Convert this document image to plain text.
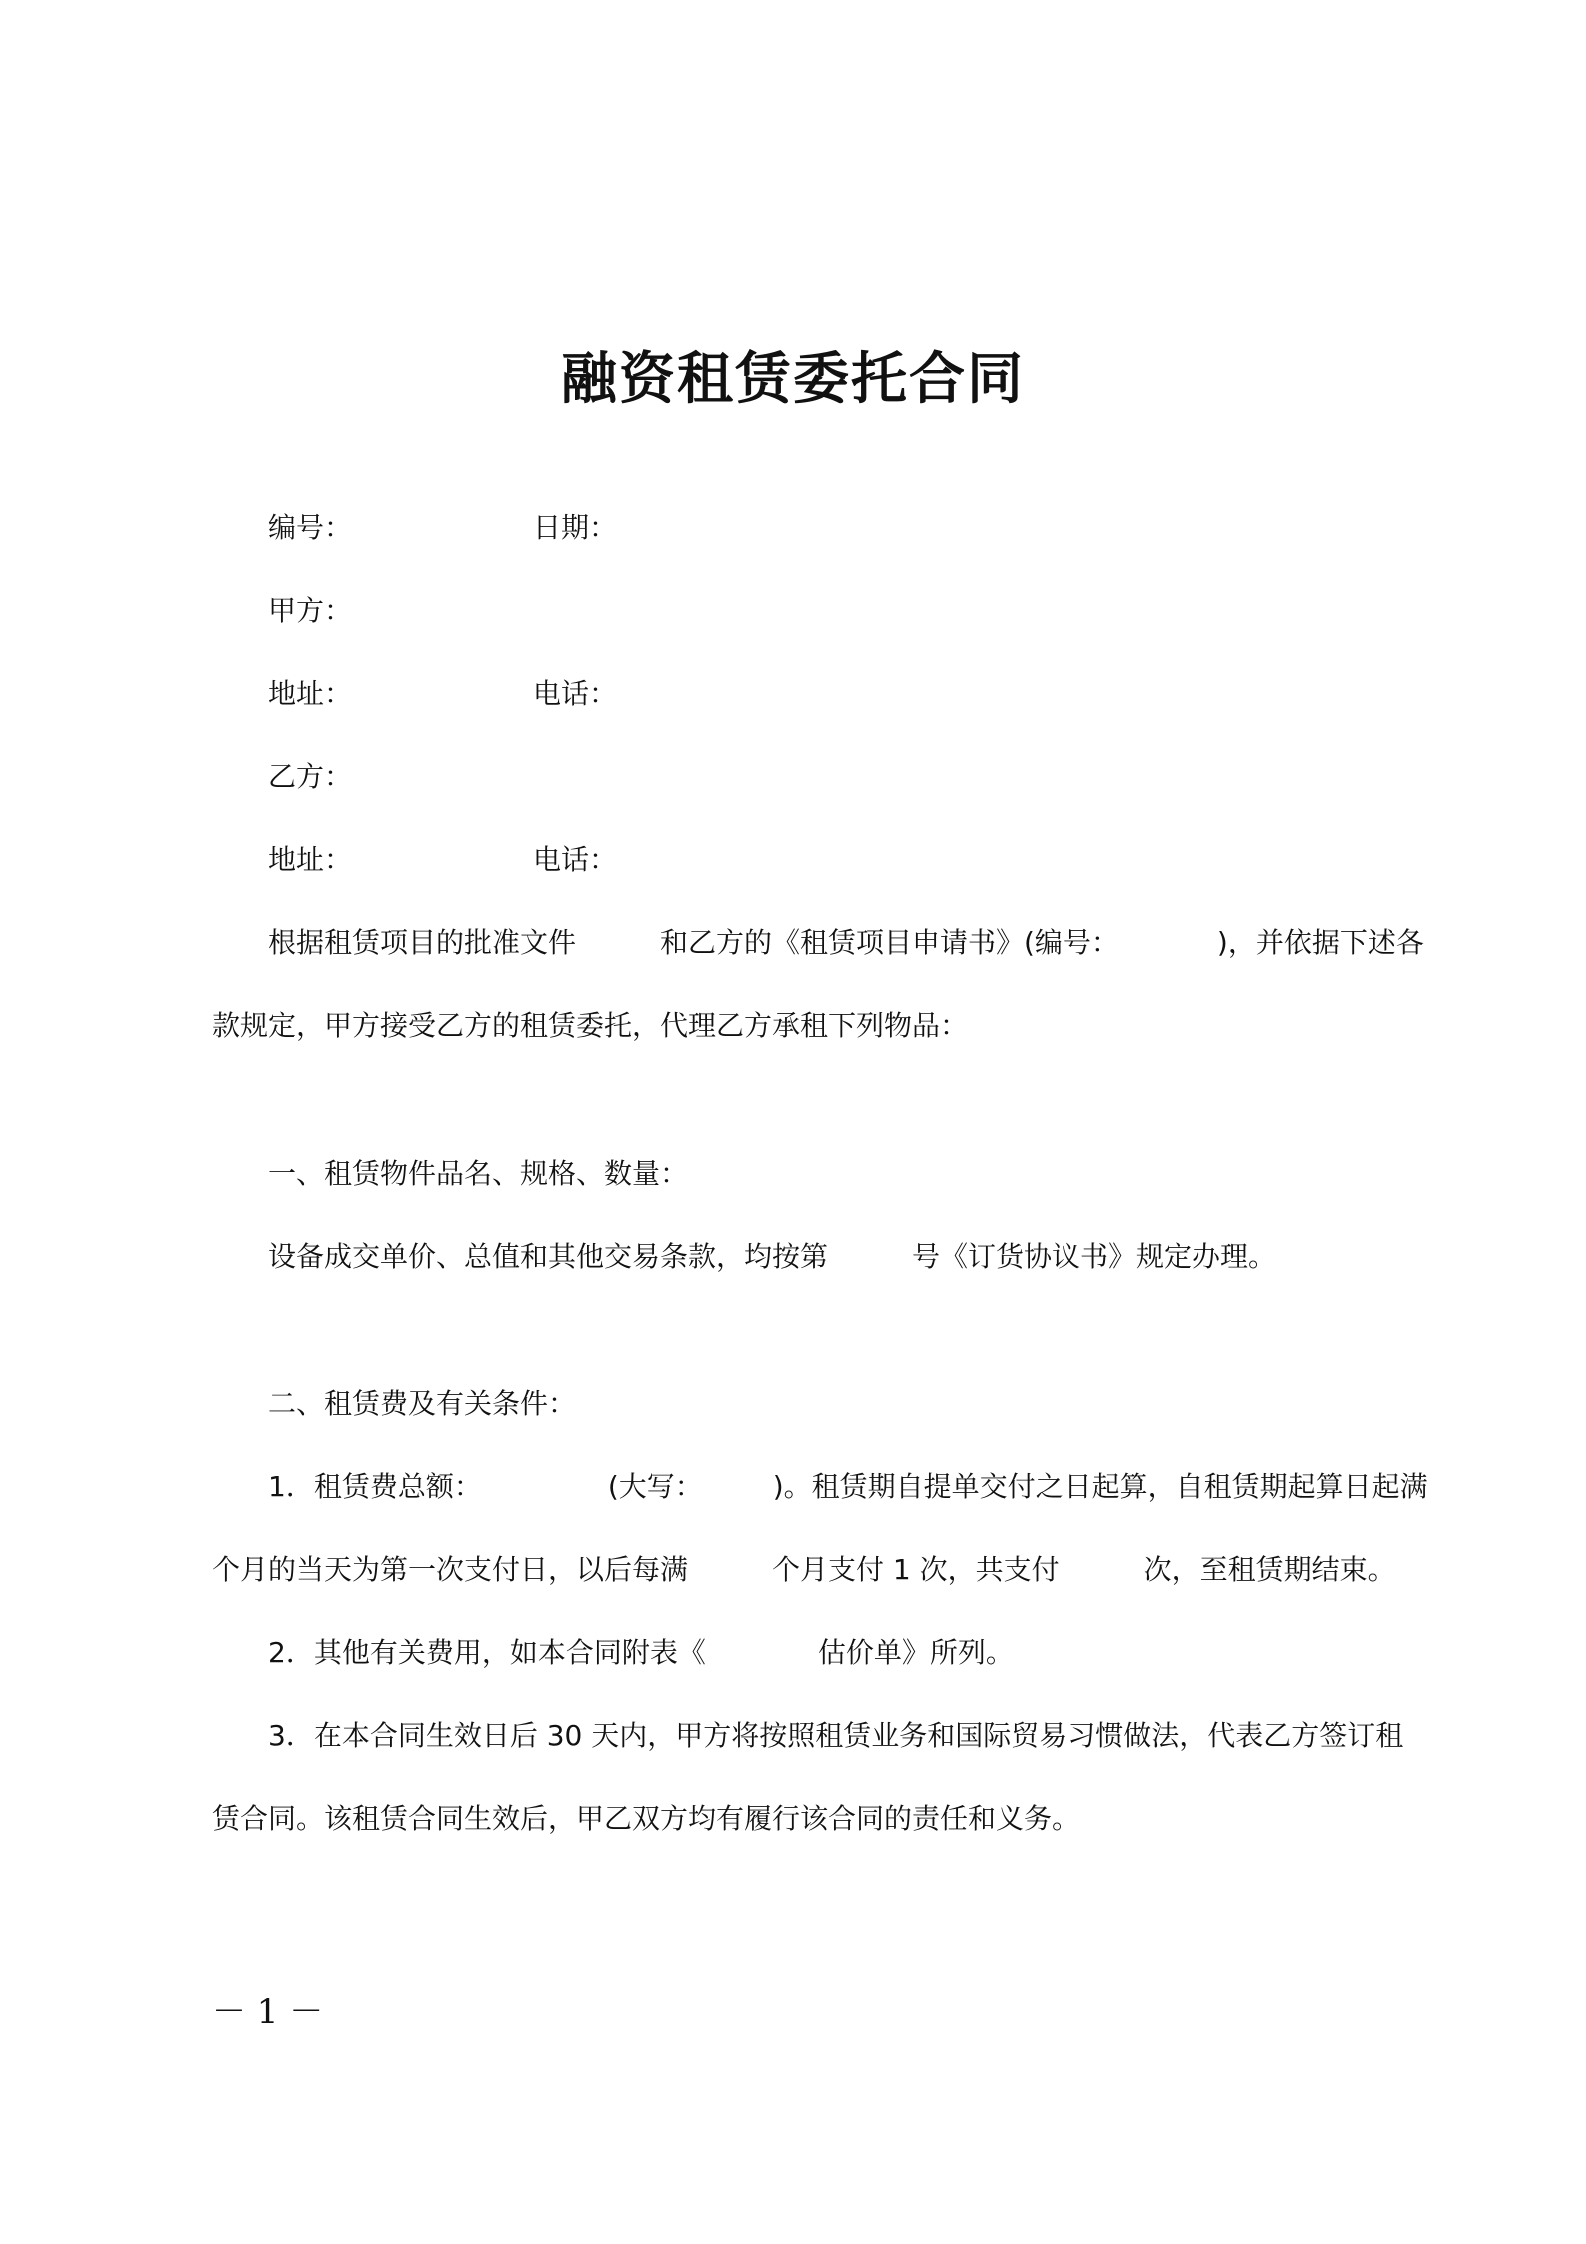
融资租赁委托合同
编号：	日期：
甲方：
地址：	电话：
乙方：
地址：	电话：
根据租赁项目的批准文件　　　和乙方的《租赁项目申请书》(编号：　　　　)，并依据下述各
款规定，甲方接受乙方的租赁委托，代理乙方承租下列物品：
一、租赁物件品名、规格、数量：
设备成交单价、总值和其他交易条款，均按第　　　号《订货协议书》规定办理。
二、租赁费及有关条件：
1．租赁费总额：　　　　　(大写：　　　)。租赁期自提单交付之日起算，自租赁期起算日起满
个月的当天为第一次支付日，以后每满　　　个月支付 1 次，共支付　　　次，至租赁期结束。
2．其他有关费用，如本合同附表《　　　　估价单》所列。
3．在本合同生效日后 30 天内，甲方将按照租赁业务和国际贸易习惯做法，代表乙方签订租
赁合同。该租赁合同生效后，甲乙双方均有履行该合同的责任和义务。
－ 1 －
